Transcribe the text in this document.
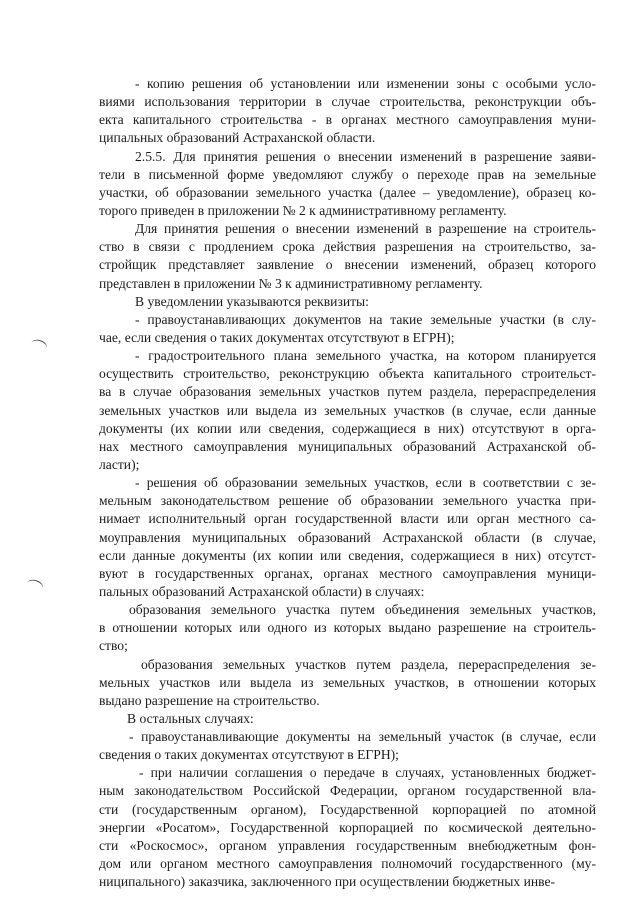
- копию решения об установлении или изменении зоны с особыми усло-
виями использования территории в случае строительства, реконструкции объ-
екта капитального строительства - в органах местного самоуправления муни-
ципальных образований Астраханской области.
2.5.5. Для принятия решения о внесении изменений в разрешение заяви-
тели в письменной форме уведомляют службу о переходе прав на земельные
участки, об образовании земельного участка (далее – уведомление), образец ко-
торого приведен в приложении № 2 к административному регламенту.
Для принятия решения о внесении изменений в разрешение на строитель-
ство в связи с продлением срока действия разрешения на строительство, за-
стройщик представляет заявление о внесении изменений, образец которого
представлен в приложении № 3 к административному регламенту.
В уведомлении указываются реквизиты:
- правоустанавливающих документов на такие земельные участки (в слу-
чае, если сведения о таких документах отсутствуют в ЕГРН);
- градостроительного плана земельного участка, на котором планируется
осуществить строительство, реконструкцию объекта капитального строительст-
ва в случае образования земельных участков путем раздела, перераспределения
земельных участков или выдела из земельных участков (в случае, если данные
документы (их копии или сведения, содержащиеся в них) отсутствуют в орга-
нах местного самоуправления муниципальных образований Астраханской об-
ласти);
- решения об образовании земельных участков, если в соответствии с зе-
мельным законодательством решение об образовании земельного участка при-
нимает исполнительный орган государственной власти или орган местного са-
моуправления муниципальных образований Астраханской области (в случае,
если данные документы (их копии или сведения, содержащиеся в них) отсутст-
вуют в государственных органах, органах местного самоуправления муници-
пальных образований Астраханской области) в случаях:
образования земельного участка путем объединения земельных участков,
в отношении которых или одного из которых выдано разрешение на строитель-
ство;
образования земельных участков путем раздела, перераспределения зе-
мельных участков или выдела из земельных участков, в отношении которых
выдано разрешение на строительство.
В остальных случаях:
- правоустанавливающие документы на земельный участок (в случае, если
сведения о таких документах отсутствуют в ЕГРН);
- при наличии соглашения о передаче в случаях, установленных бюджет-
ным законодательством Российской Федерации, органом государственной вла-
сти (государственным органом), Государственной корпорацией по атомной
энергии «Росатом», Государственной корпорацией по космической деятельно-
сти «Роскосмос», органом управления государственным внебюджетным фон-
дом или органом местного самоуправления полномочий государственного (му-
ниципального) заказчика, заключенного при осуществлении бюджетных инве-
